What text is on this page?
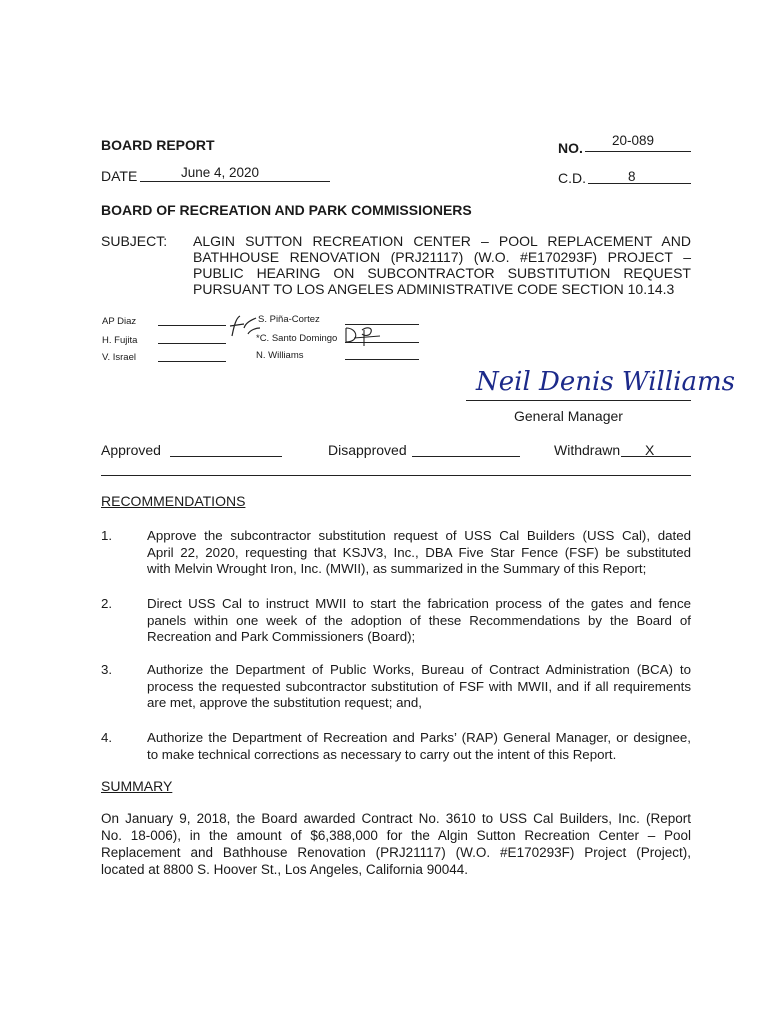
BOARD REPORT	NO. 20-089
DATE	June 4, 2020	C.D.	8
BOARD OF RECREATION AND PARK COMMISSIONERS
SUBJECT: ALGIN SUTTON RECREATION CENTER – POOL REPLACEMENT AND
BATHHOUSE RENOVATION (PRJ21117) (W.O. #E170293F) PROJECT –
PUBLIC HEARING ON SUBCONTRACTOR SUBSTITUTION REQUEST
PURSUANT TO LOS ANGELES ADMINISTRATIVE CODE SECTION 10.14.3
AP Diaz
H. Fujita
V. Israel
S. Piña-Cortez
*C. Santo Domingo
N. Williams
Neil Denis Williams
General Manager
Approved	Disapproved	Withdrawn X
RECOMMENDATIONS
1.	Approve the subcontractor substitution request of USS Cal Builders (USS Cal), dated
April 22, 2020, requesting that KSJV3, Inc., DBA Five Star Fence (FSF) be substituted
with Melvin Wrought Iron, Inc. (MWII), as summarized in the Summary of this Report;
2.	Direct USS Cal to instruct MWII to start the fabrication process of the gates and fence
panels within one week of the adoption of these Recommendations by the Board of
Recreation and Park Commissioners (Board);
3.	Authorize the Department of Public Works, Bureau of Contract Administration (BCA) to
process the requested subcontractor substitution of FSF with MWII, and if all requirements
are met, approve the substitution request; and,
4.	Authorize the Department of Recreation and Parks’ (RAP) General Manager, or designee,
to make technical corrections as necessary to carry out the intent of this Report.
SUMMARY
On January 9, 2018, the Board awarded Contract No. 3610 to USS Cal Builders, Inc. (Report
No. 18-006), in the amount of $6,388,000 for the Algin Sutton Recreation Center – Pool
Replacement and Bathhouse Renovation (PRJ21117) (W.O. #E170293F) Project (Project),
located at 8800 S. Hoover St., Los Angeles, California 90044.
